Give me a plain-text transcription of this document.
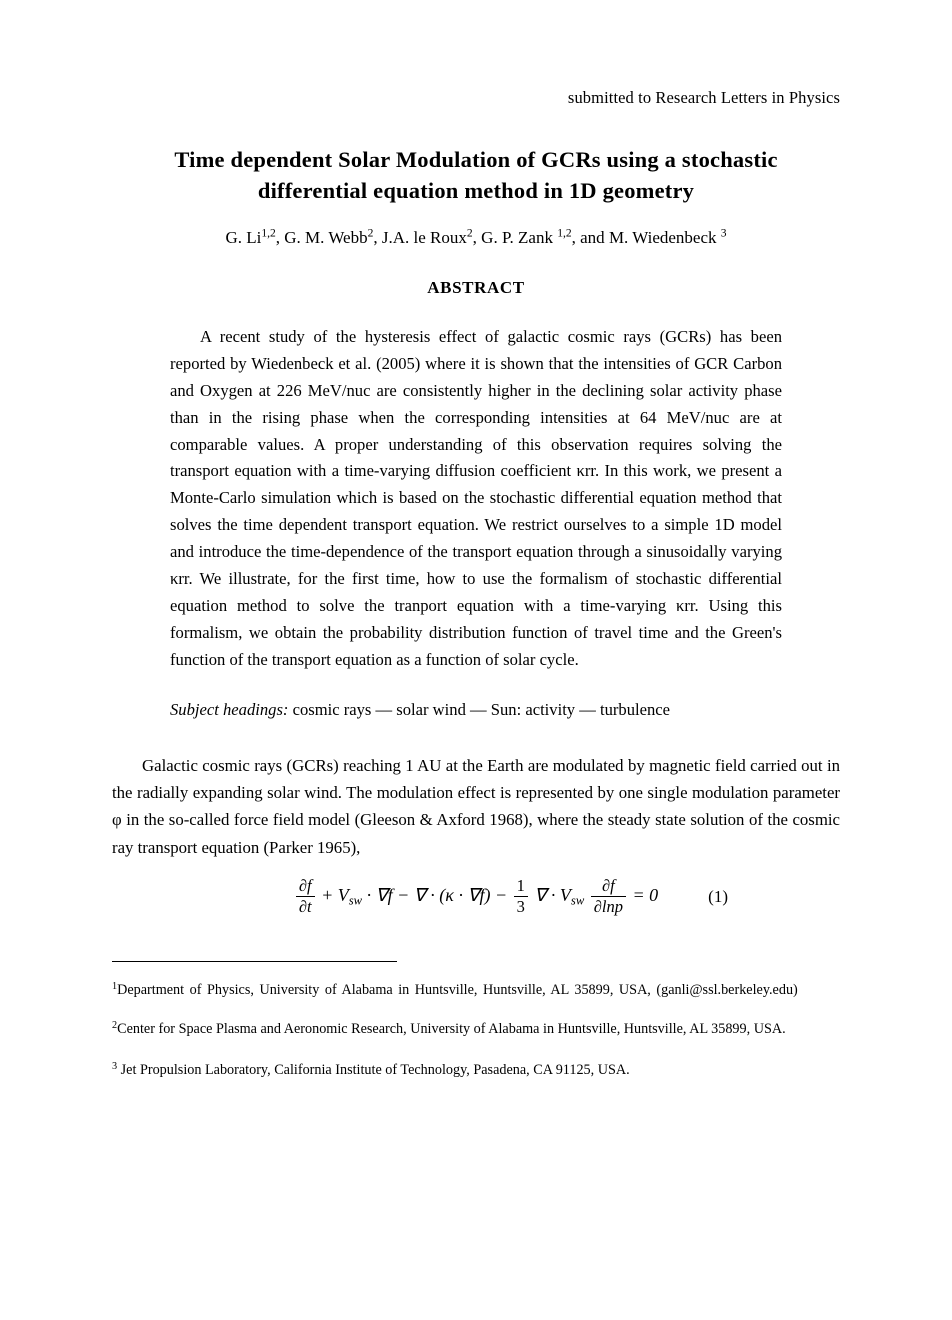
submitted to Research Letters in Physics
Time dependent Solar Modulation of GCRs using a stochastic
differential equation method in 1D geometry
G. Li$^{1,2}$, G. M. Webb$^2$, J.A. le Roux$^2$, G. P. Zank $^{1,2}$, and M. Wiedenbeck $^3$
ABSTRACT
A recent study of the hysteresis effect of galactic cosmic rays (GCRs) has been reported by Wiedenbeck et al. (2005) where it is shown that the intensities of GCR Carbon and Oxygen at 226 MeV/nuc are consistently higher in the declining solar activity phase than in the rising phase when the corresponding intensities at 64 MeV/nuc are at comparable values. A proper understanding of this observation requires solving the transport equation with a time-varying diffusion coefficient κrr. In this work, we present a Monte-Carlo simulation which is based on the stochastic differential equation method that solves the time dependent transport equation. We restrict ourselves to a simple 1D model and introduce the time-dependence of the transport equation through a sinusoidally varying κrr. We illustrate, for the first time, how to use the formalism of stochastic differential equation method to solve the tranport equation with a time-varying κrr. Using this formalism, we obtain the probability distribution function of travel time and the Green's function of the transport equation as a function of solar cycle.
Subject headings: cosmic rays — solar wind — Sun: activity — turbulence
Galactic cosmic rays (GCRs) reaching 1 AU at the Earth are modulated by magnetic field carried out in the radially expanding solar wind. The modulation effect is represented by one single modulation parameter φ in the so-called force field model (Gleeson & Axford 1968), where the steady state solution of the cosmic ray transport equation (Parker 1965),
$\frac{\partial f}{\partial t} + V_{sw} \cdot \nabla f$ − ∇ · $(\kappa \cdot \nabla f) - \frac{1}{3}$ ∇ · $V_{sw} \frac{\partial f}{\partial\ln p} = 0$	(1)
$^1$Department of Physics, University of Alabama in Huntsville, Huntsville, AL 35899, USA, (ganli@ssl.berkeley.edu)
$^2$Center for Space Plasma and Aeronomic Research, University of Alabama in Huntsville, Huntsville, AL 35899, USA.
$^3$ Jet Propulsion Laboratory, California Institute of Technology, Pasadena, CA 91125, USA.
